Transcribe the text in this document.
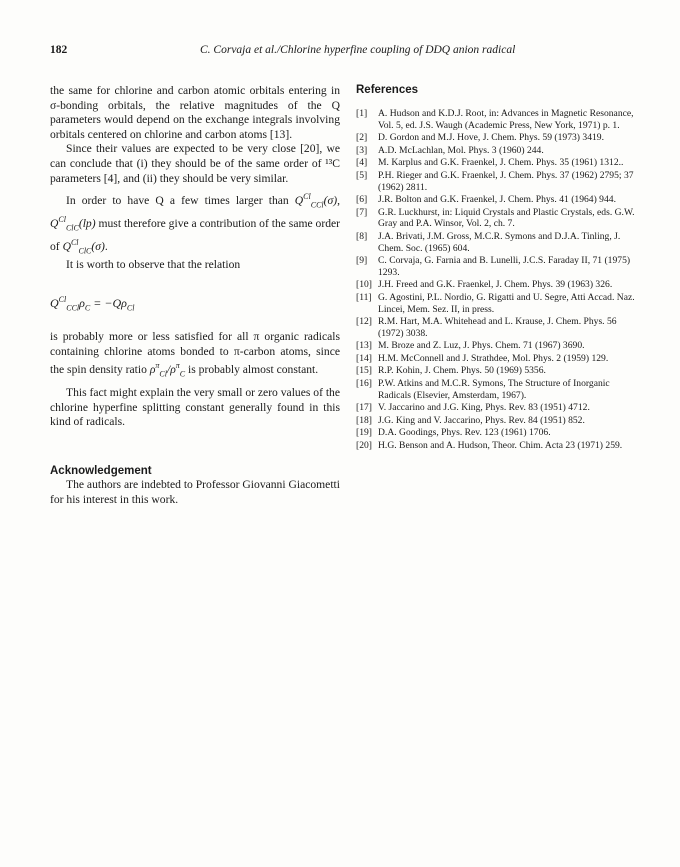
182	C. Corvaja et al./Chlorine hyperfine coupling of DDQ anion radical

the same for chlorine and carbon atomic orbitals entering in σ-bonding orbitals, the relative magnitudes of the Q parameters would depend on the exchange integrals involving orbitals centered on chlorine and carbon atoms [13].

Since their values are expected to be very close [20], we can conclude that (i) they should be of the same order of ¹³C parameters [4], and (ii) they should be very similar.

In order to have Q a few times larger than $Q^{Cl}_{CCl}(\sigma)$, $Q^{Cl}_{ClC}(lp)$ must therefore give a contribution of the same order of $Q^{Cl}_{ClC}(\sigma)$.

It is worth to observe that the relation

$Q^{Cl}_{CCl}\rho_C = -Q\rho_{Cl}$

is probably more or less satisfied for all π organic radicals containing chlorine atoms bonded to π-carbon atoms, since the spin density ratio $\rho^\pi_{Cl}/\rho^\pi_C$ is probably almost constant.

This fact might explain the very small or zero values of the chlorine hyperfine splitting constant generally found in this kind of radicals.

Acknowledgement

The authors are indebted to Professor Giovanni Giacometti for his interest in this work.

References
[1] A. Hudson and K.D.J. Root, in: Advances in Magnetic Resonance, Vol. 5, ed. J.S. Waugh (Academic Press, New York, 1971) p. 1.
[2] D. Gordon and M.J. Hove, J. Chem. Phys. 59 (1973) 3419.
[3] A.D. McLachlan, Mol. Phys. 3 (1960) 244.
[4] M. Karplus and G.K. Fraenkel, J. Chem. Phys. 35 (1961) 1312..
[5] P.H. Rieger and G.K. Fraenkel, J. Chem. Phys. 37 (1962) 2795; 37 (1962) 2811.
[6] J.R. Bolton and G.K. Fraenkel, J. Chem. Phys. 41 (1964) 944.
[7] G.R. Luckhurst, in: Liquid Crystals and Plastic Crystals, eds. G.W. Gray and P.A. Winsor, Vol. 2, ch. 7.
[8] J.A. Brivati, J.M. Gross, M.C.R. Symons and D.J.A. Tinling, J. Chem. Soc. (1965) 604.
[9] C. Corvaja, G. Farnia and B. Lunelli, J.C.S. Faraday II, 71 (1975) 1293.
[10] J.H. Freed and G.K. Fraenkel, J. Chem. Phys. 39 (1963) 326.
[11] G. Agostini, P.L. Nordio, G. Rigatti and U. Segre, Atti Accad. Naz. Lincei, Mem. Sez. II, in press.
[12] R.M. Hart, M.A. Whitehead and L. Krause, J. Chem. Phys. 56 (1972) 3038.
[13] M. Broze and Z. Luz, J. Phys. Chem. 71 (1967) 3690.
[14] H.M. McConnell and J. Strathdee, Mol. Phys. 2 (1959) 129.
[15] R.P. Kohin, J. Chem. Phys. 50 (1969) 5356.
[16] P.W. Atkins and M.C.R. Symons, The Structure of Inorganic Radicals (Elsevier, Amsterdam, 1967).
[17] V. Jaccarino and J.G. King, Phys. Rev. 83 (1951) 4712.
[18] J.G. King and V. Jaccarino, Phys. Rev. 84 (1951) 852.
[19] D.A. Goodings, Phys. Rev. 123 (1961) 1706.
[20] H.G. Benson and A. Hudson, Theor. Chim. Acta 23 (1971) 259.
